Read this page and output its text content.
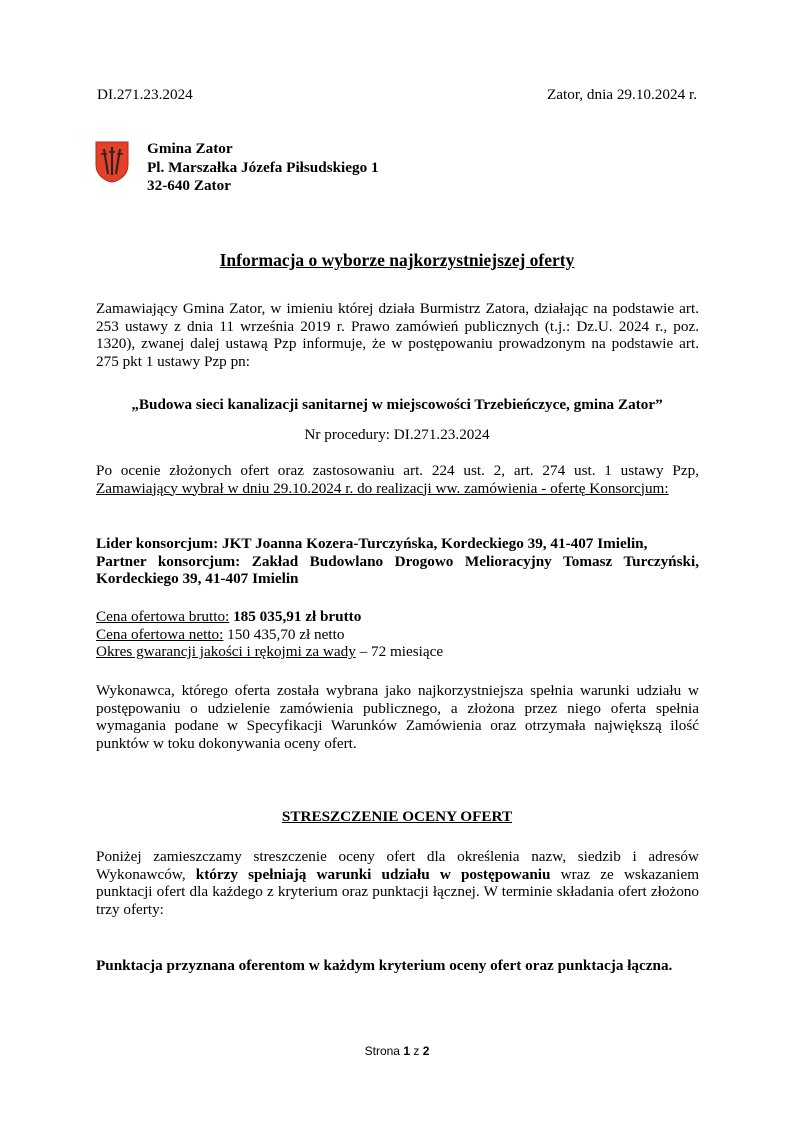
DI.271.23.2024	Zator, dnia 29.10.2024 r.
Gmina Zator
Pl. Marszałka Józefa Piłsudskiego 1
32-640 Zator
Informacja o wyborze najkorzystniejszej oferty
Zamawiający Gmina Zator, w imieniu której działa Burmistrz Zatora, działając na podstawie art. 253 ustawy z dnia 11 września 2019 r. Prawo zamówień publicznych (t.j.: Dz.U. 2024 r., poz. 1320), zwanej dalej ustawą Pzp informuje, że w postępowaniu prowadzonym na podstawie art. 275 pkt 1 ustawy Pzp pn:
„Budowa sieci kanalizacji sanitarnej w miejscowości Trzebieńczyce, gmina Zator”
Nr procedury: DI.271.23.2024
Po ocenie złożonych ofert oraz zastosowaniu art. 224 ust. 2, art. 274 ust. 1 ustawy Pzp, Zamawiający wybrał w dniu 29.10.2024 r. do realizacji ww. zamówienia - ofertę Konsorcjum:
Lider konsorcjum: JKT Joanna Kozera-Turczyńska, Kordeckiego 39, 41-407 Imielin,
Partner konsorcjum: Zakład Budowlano Drogowo Melioracyjny Tomasz Turczyński, Kordeckiego 39, 41-407 Imielin
Cena ofertowa brutto: 185 035,91 zł brutto
Cena ofertowa netto: 150 435,70 zł netto
Okres gwarancji jakości i rękojmi za wady – 72 miesiące
Wykonawca, którego oferta została wybrana jako najkorzystniejsza spełnia warunki udziału w postępowaniu o udzielenie zamówienia publicznego, a złożona przez niego oferta spełnia wymagania podane w Specyfikacji Warunków Zamówienia oraz otrzymała największą ilość punktów w toku dokonywania oceny ofert.
STRESZCZENIE OCENY OFERT
Poniżej zamieszczamy streszczenie oceny ofert dla określenia nazw, siedzib i adresów Wykonawców, którzy spełniają warunki udziału w postępowaniu wraz ze wskazaniem punktacji ofert dla każdego z kryterium oraz punktacji łącznej. W terminie składania ofert złożono trzy oferty:
Punktacja przyznana oferentom w każdym kryterium oceny ofert oraz punktacja łączna.
Strona 1 z 2
